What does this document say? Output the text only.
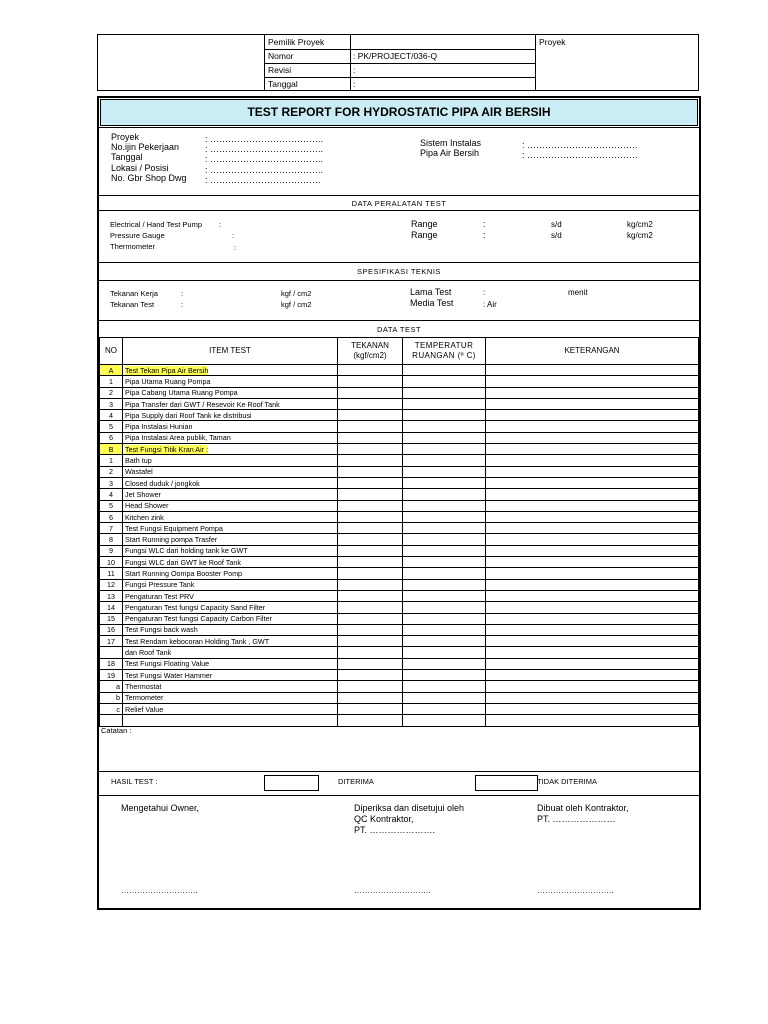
Pemilik Proyek
Nomor	: PK/PROJECT/036-Q
Revisi	:
Tanggal	:
Proyek
TEST REPORT FOR HYDROSTATIC PIPA AIR BERSIH
Proyek	: ………………………………..
No.ijin Pekerjaan	: ………………………………..
Tanggal	: ………………………………..
Lokasi / Posisi	: ………………………………..
No. Gbr Shop Dwg : ……………………………….
Sistem Instalas	: ……………………………….
Pipa Air Bersih	: ……………………………….
DATA PERALATAN TEST
Electrical / Hand Test Pump :
Pressure Gauge	:
Thermometer	:
Range	:	s/d	kg/cm2
Range	:	s/d	kg/cm2
SPESIFIKASI TEKNIS
Tekanan Kerja	:	kgf / cm2
Tekanan Test	:	kgf / cm2
Lama Test	:	menit
Media Test	: Air
DATA TEST
NO	ITEM TEST	TEKANAN (kgf/cm2)	TEMPERATUR RUANGAN (º C)	KETERANGAN
A	Test Tekan Pipa Air Bersih			
1	Pipa Utama Ruang Pompa			
2	Pipa Cabang Utama Ruang Pompa			
3	Pipa Transfer dari GWT / Resevoir Ke Roof Tank			
4	Pipa Supply dari Roof Tank ke distribusi			
5	Pipa Instalasi Hunian			
6	Pipa Instalasi Area publik, Taman			
B	Test Fungsi Titik Kran Air :			
1	Bath tup			
2	Wastafel			
3	Closed duduk / jongkok			
4	Jet Shower			
5	Head Shower			
6	Kitchen zink			
7	Test Fungsi Equipment Pompa			
8	Start Running pompa Trasfer			
9	Fungsi WLC dari holding tank ke GWT			
10	Fungsi WLC dari GWT ke Roof Tank			
11	Start Running Oompa Booster Pomp			
12	Fungsi Pressure Tank			
13	Pengaturan Test PRV			
14	Pengaturan Test fungsi Capacity Sand Filter			
15	Pengaturan Test fungsi Capacity Carbon Filter			
16	Test Fungsi back wash			
17	Test Rendam kebocoran Holding Tank , GWT			
	dan Roof Tank			
18	Test Fungsi Floating Value			
19	Test Fungsi Water Hammer			
a	Thermostat			
b	Termometer			
c	Relief Value			

Catatan :
HASIL TEST :	DITERIMA	TIDAK DITERIMA
Mengetahui Owner,
………………………..
Diperiksa dan disetujui oleh
QC Kontraktor,
PT. ………………….
………………………..
Dibuat oleh Kontraktor,
PT. …………………
………………………..
